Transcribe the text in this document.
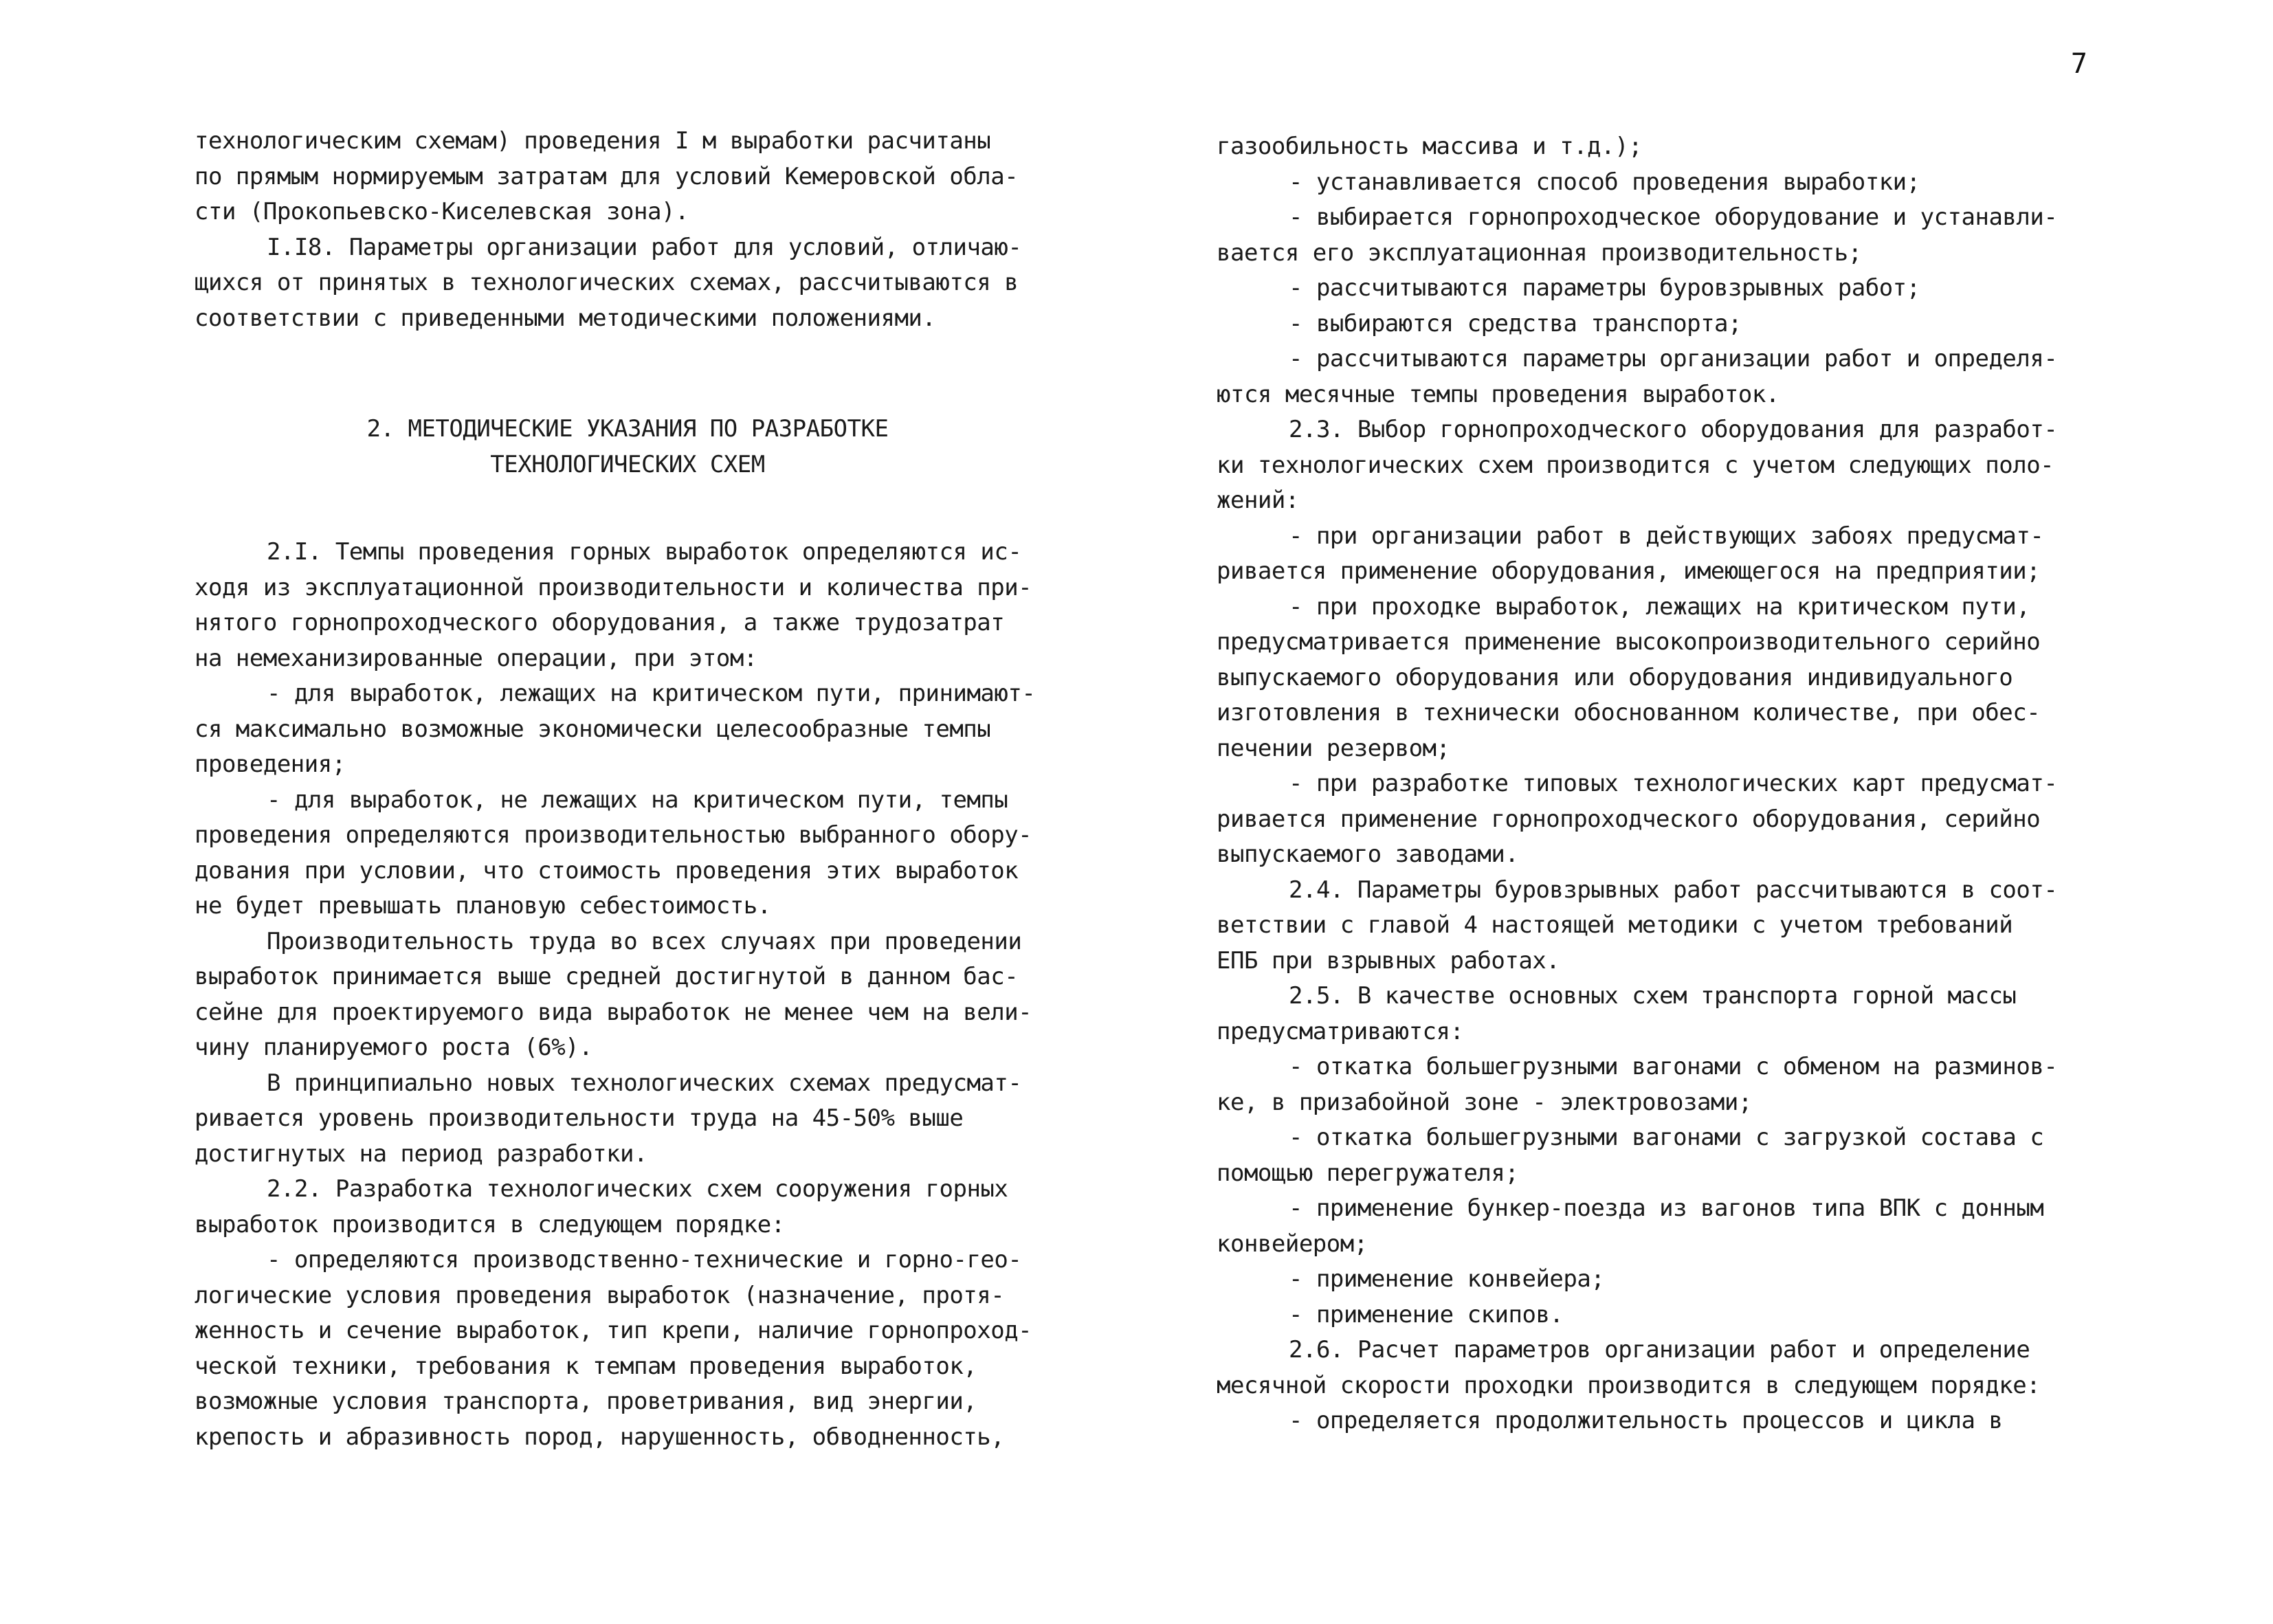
7
технологическим схемам) проведения I м выработки расчитаны
по прямым нормируемым затратам для условий Кемеровской обла-
сти (Прокопьевско-Киселевская зона).
I.I8. Параметры организации работ для условий, отличаю-
щихся от принятых в технологических схемах, рассчитываются в
соответствии с приведенными методическими положениями.
2. МЕТОДИЧЕСКИЕ УКАЗАНИЯ ПО РАЗРАБОТКЕ
ТЕХНОЛОГИЧЕСКИХ СХЕМ
2.I. Темпы проведения горных выработок определяются ис-
ходя из эксплуатационной производительности и количества при-
нятого горнопроходческого оборудования, а также трудозатрат
на немеханизированные операции, при этом:
- для выработок, лежащих на критическом пути, принимают-
ся максимально возможные экономически целесообразные темпы
проведения;
- для выработок, не лежащих на критическом пути, темпы
проведения определяются производительностью выбранного обору-
дования при условии, что стоимость проведения этих выработок
не будет превышать плановую себестоимость.
Производительность труда во всех случаях при проведении
выработок принимается выше средней достигнутой в данном бас-
сейне для проектируемого вида выработок не менее чем на вели-
чину планируемого роста (6%).
В принципиально новых технологических схемах предусмат-
ривается уровень производительности труда на 45-50% выше
достигнутых на период разработки.
2.2. Разработка технологических схем сооружения горных
выработок производится в следующем порядке:
- определяются производственно-технические и горно-гео-
логические условия проведения выработок (назначение, протя-
женность и сечение выработок, тип крепи, наличие горнопроход-
ческой техники, требования к темпам проведения выработок,
возможные условия транспорта, проветривания, вид энергии,
крепость и абразивность пород, нарушенность, обводненность,
газообильность массива и т.д.);
- устанавливается способ проведения выработки;
- выбирается горнопроходческое оборудование и устанавли-
вается его эксплуатационная производительность;
- рассчитываются параметры буровзрывных работ;
- выбираются средства транспорта;
- рассчитываются параметры организации работ и определя-
ются месячные темпы проведения выработок.
2.3. Выбор горнопроходческого оборудования для разработ-
ки технологических схем производится с учетом следующих поло-
жений:
- при организации работ в действующих забоях предусмат-
ривается применение оборудования, имеющегося на предприятии;
- при проходке выработок, лежащих на критическом пути,
предусматривается применение высокопроизводительного серийно
выпускаемого оборудования или оборудования индивидуального
изготовления в технически обоснованном количестве, при обес-
печении резервом;
- при разработке типовых технологических карт предусмат-
ривается применение горнопроходческого оборудования, серийно
выпускаемого заводами.
2.4. Параметры буровзрывных работ рассчитываются в соот-
ветствии с главой 4 настоящей методики с учетом требований
ЕПБ при взрывных работах.
2.5. В качестве основных схем транспорта горной массы
предусматриваются:
- откатка большегрузными вагонами с обменом на разминов-
ке, в призабойной зоне - электровозами;
- откатка большегрузными вагонами с загрузкой состава с
помощью перегружателя;
- применение бункер-поезда из вагонов типа ВПК с донным
конвейером;
- применение конвейера;
- применение скипов.
2.6. Расчет параметров организации работ и определение
месячной скорости проходки производится в следующем порядке:
- определяется продолжительность процессов и цикла в
